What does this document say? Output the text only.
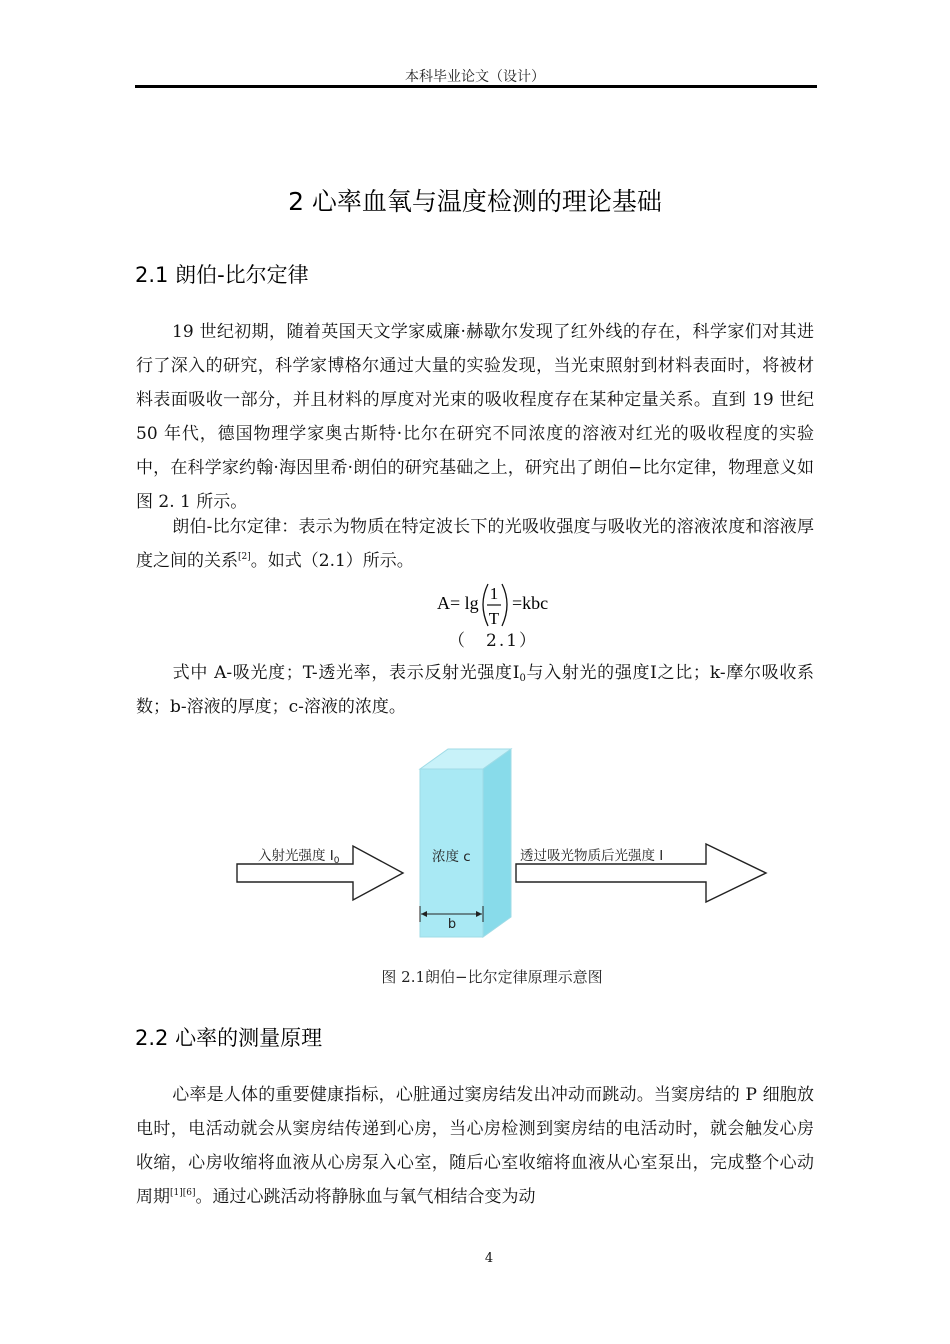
本科毕业论文（设计）
2 心率血氧与温度检测的理论基础
2.1 朗伯-比尔定律

19 世纪初期，随着英国天文学家威廉·赫歇尔发现了红外线的存在，科学家们对其进行了深入的研究，科学家博格尔通过大量的实验发现，当光束照射到材料表面时，将被材料表面吸收一部分，并且材料的厚度对光束的吸收程度存在某种定量关系。直到 19 世纪 50 年代，德国物理学家奥古斯特·比尔在研究不同浓度的溶液对红光的吸收程度的实验中，在科学家约翰·海因里希·朗伯的研究基础之上，研究出了朗伯−比尔定律，物理意义如图 2. 1 所示。

朗伯-比尔定律：表示为物质在特定波长下的光吸收强度与吸收光的溶液浓度和溶液厚度之间的关系[2]。如式（2.1）所示。

A= lg 1
T
=kbc
（　2.1）

式中 A-吸光度；T-透光率，表示反射光强度$I_0$与入射光的强度I之比；k-摩尔吸收系数；b-溶液的厚度；c-溶液的浓度。

入射光强度 $I_0$	浓度 c	透过吸光物质后光强度 I
b
图 2.1朗伯−比尔定律原理示意图
2.2 心率的测量原理

心率是人体的重要健康指标，心脏通过窦房结发出冲动而跳动。当窦房结的 P 细胞放电时，电活动就会从窦房结传递到心房，当心房检测到窦房结的电活动时，就会触发心房收缩，心房收缩将血液从心房泵入心室，随后心室收缩将血液从心室泵出，完成整个心动周期[1][6]。通过心跳活动将静脉血与氧气相结合变为动

4
